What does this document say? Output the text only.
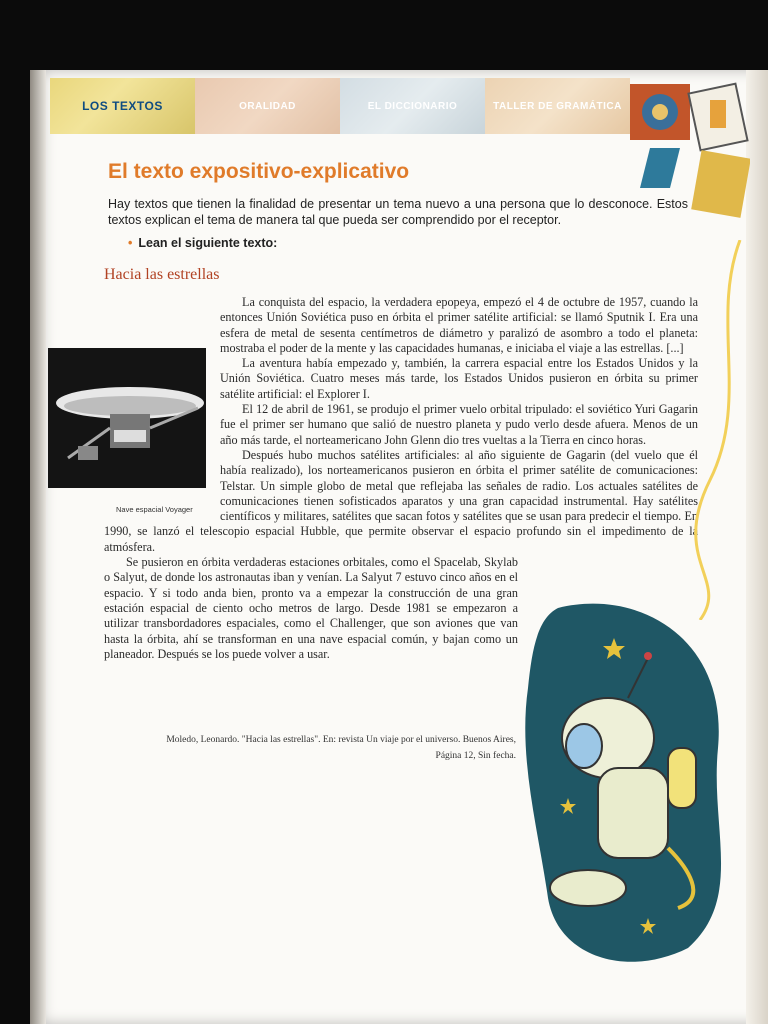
LOS TEXTOS	ORALIDAD	EL DICCIONARIO	TALLER DE GRAMÁTICA
El texto expositivo-explicativo
Hay textos que tienen la finalidad de presentar un tema nuevo a una persona que lo desconoce. Estos textos explican el tema de manera tal que pueda ser comprendido por el receptor.
• Lean el siguiente texto:
Hacia las estrellas

La conquista del espacio, la verdadera epopeya, empezó el 4 de octubre de 1957, cuando la entonces Unión Soviética puso en órbita el primer satélite artificial: se llamó Sputnik I. Era una esfera de metal de sesenta centímetros de diámetro y paralizó de asombro a todo el planeta: mostraba el poder de la mente y las capacidades humanas, e iniciaba el viaje a las estrellas. [...]

La aventura había empezado y, también, la carrera espacial entre los Estados Unidos y la Unión Soviética. Cuatro meses más tarde, los Estados Unidos pusieron en órbita su primer satélite artificial: el Explorer I.

El 12 de abril de 1961, se produjo el primer vuelo orbital tripulado: el soviético Yuri Gagarin fue el primer ser humano que salió de nuestro planeta y pudo verlo desde afuera. Menos de un año más tarde, el norteamericano John Glenn dio tres vueltas a la Tierra en cinco horas.

Después hubo muchos satélites artificiales: al año siguiente de Gagarin (del vuelo que él había realizado), los norteamericanos pusieron en órbita el primer satélite de comunicaciones: Telstar. Un simple globo de metal que reflejaba las señales de radio. Los actuales satélites de comunicaciones tienen sofisticados aparatos y una gran capacidad instrumental. Hay satélites científicos y militares, satélites que sacan fotos y satélites que se usan para predecir el tiempo. En 1990, se lanzó el telescopio espacial Hubble, que permite observar el espacio profundo sin el impedimento de la atmósfera.

Se pusieron en órbita verdaderas estaciones orbitales, como el Spacelab, Skylab o Salyut, de donde los astronautas iban y venían. La Salyut 7 estuvo cinco años en el espacio. Y si todo anda bien, pronto va a empezar la construcción de una gran estación espacial de ciento ocho metros de largo. Desde 1981 se empezaron a utilizar transbordadores espaciales, como el Challenger, que son aviones que van hasta la órbita, ahí se transforman en una nave espacial común, y bajan como un planeador. Después se los puede volver a usar.

Nave espacial Voyager
Moledo, Leonardo. "Hacia las estrellas". En: revista Un viaje por el universo. Buenos Aires,
Página 12, Sin fecha.
